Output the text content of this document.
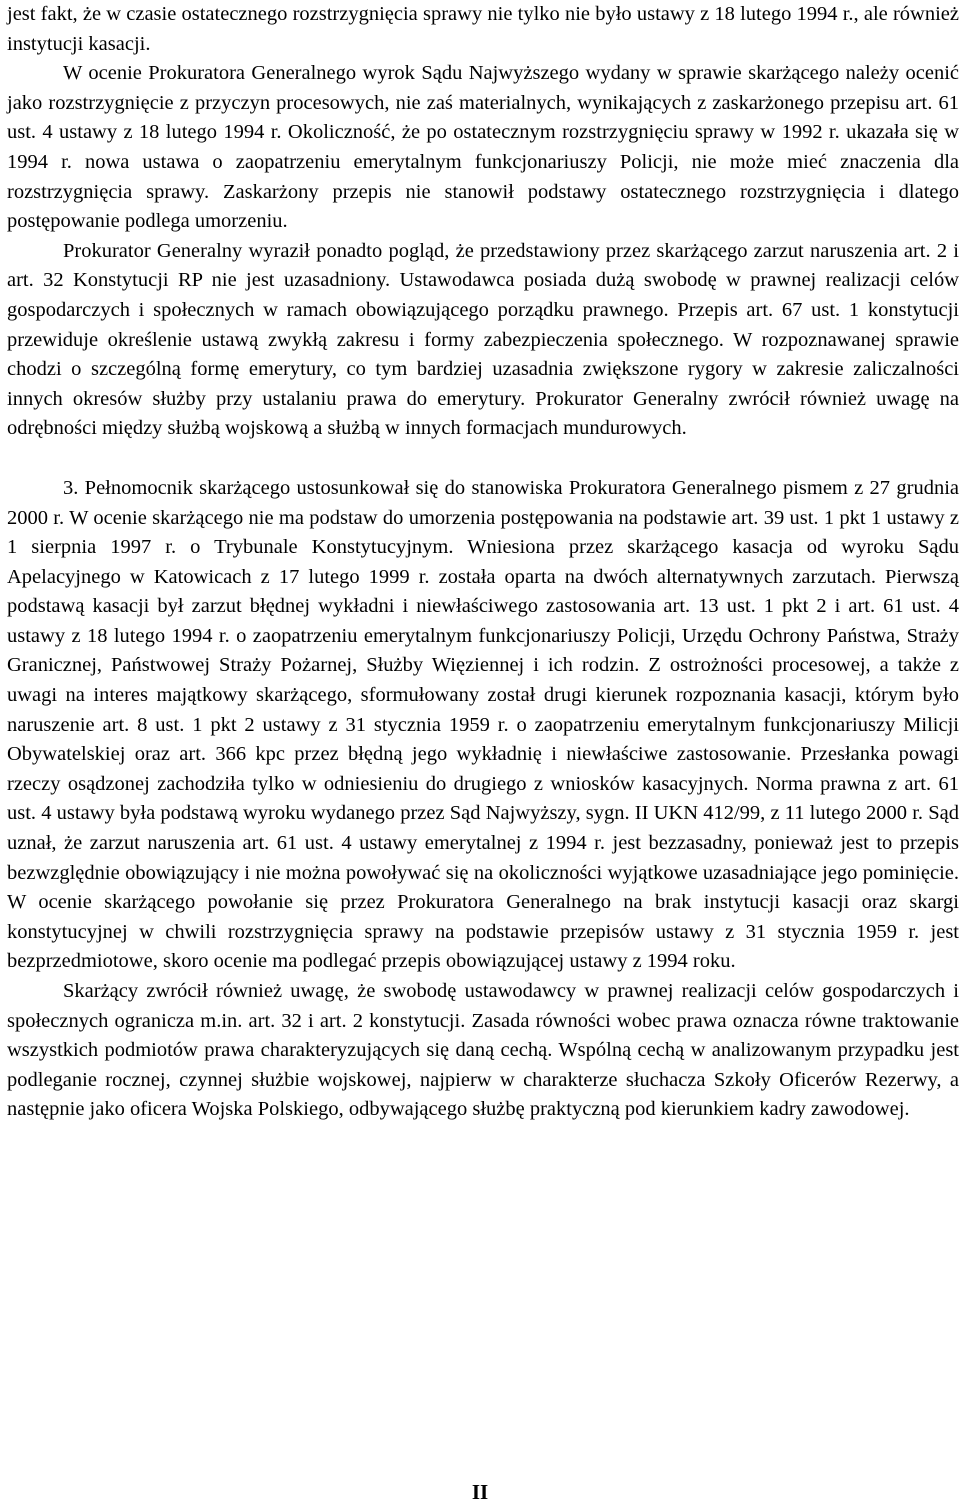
jest fakt, że w czasie ostatecznego rozstrzygnięcia sprawy nie tylko nie było ustawy z 18 lutego 1994 r., ale również instytucji kasacji.

W ocenie Prokuratora Generalnego wyrok Sądu Najwyższego wydany w sprawie skarżącego należy ocenić jako rozstrzygnięcie z przyczyn procesowych, nie zaś materialnych, wynikających z zaskarżonego przepisu art. 61 ust. 4 ustawy z 18 lutego 1994 r. Okoliczność, że po ostatecznym rozstrzygnięciu sprawy w 1992 r. ukazała się w 1994 r. nowa ustawa o zaopatrzeniu emerytalnym funkcjonariuszy Policji, nie może mieć znaczenia dla rozstrzygnięcia sprawy. Zaskarżony przepis nie stanowił podstawy ostatecznego rozstrzygnięcia i dlatego postępowanie podlega umorzeniu.

Prokurator Generalny wyraził ponadto pogląd, że przedstawiony przez skarżącego zarzut naruszenia art. 2 i art. 32 Konstytucji RP nie jest uzasadniony. Ustawodawca posiada dużą swobodę w prawnej realizacji celów gospodarczych i społecznych w ramach obowiązującego porządku prawnego. Przepis art. 67 ust. 1 konstytucji przewiduje określenie ustawą zwykłą zakresu i formy zabezpieczenia społecznego. W rozpoznawanej sprawie chodzi o szczególną formę emerytury, co tym bardziej uzasadnia zwiększone rygory w zakresie zaliczalności innych okresów służby przy ustalaniu prawa do emerytury. Prokurator Generalny zwrócił również uwagę na odrębności między służbą wojskową a służbą w innych formacjach mundurowych.

3. Pełnomocnik skarżącego ustosunkował się do stanowiska Prokuratora Generalnego pismem z 27 grudnia 2000 r. W ocenie skarżącego nie ma podstaw do umorzenia postępowania na podstawie art. 39 ust. 1 pkt 1 ustawy z 1 sierpnia 1997 r. o Trybunale Konstytucyjnym. Wniesiona przez skarżącego kasacja od wyroku Sądu Apelacyjnego w Katowicach z 17 lutego 1999 r. została oparta na dwóch alternatywnych zarzutach. Pierwszą podstawą kasacji był zarzut błędnej wykładni i niewłaściwego zastosowania art. 13 ust. 1 pkt 2 i art. 61 ust. 4 ustawy z 18 lutego 1994 r. o zaopatrzeniu emerytalnym funkcjonariuszy Policji, Urzędu Ochrony Państwa, Straży Granicznej, Państwowej Straży Pożarnej, Służby Więziennej i ich rodzin. Z ostrożności procesowej, a także z uwagi na interes majątkowy skarżącego, sformułowany został drugi kierunek rozpoznania kasacji, którym było naruszenie art. 8 ust. 1 pkt 2 ustawy z 31 stycznia 1959 r. o zaopatrzeniu emerytalnym funkcjonariuszy Milicji Obywatelskiej oraz art. 366 kpc przez błędną jego wykładnię i niewłaściwe zastosowanie. Przesłanka powagi rzeczy osądzonej zachodziła tylko w odniesieniu do drugiego z wniosków kasacyjnych. Norma prawna z art. 61 ust. 4 ustawy była podstawą wyroku wydanego przez Sąd Najwyższy, sygn. II UKN 412/99, z 11 lutego 2000 r. Sąd uznał, że zarzut naruszenia art. 61 ust. 4 ustawy emerytalnej z 1994 r. jest bezzasadny, ponieważ jest to przepis bezwzględnie obowiązujący i nie można powoływać się na okoliczności wyjątkowe uzasadniające jego pominięcie. W ocenie skarżącego powołanie się przez Prokuratora Generalnego na brak instytucji kasacji oraz skargi konstytucyjnej w chwili rozstrzygnięcia sprawy na podstawie przepisów ustawy z 31 stycznia 1959 r. jest bezprzedmiotowe, skoro ocenie ma podlegać przepis obowiązującej ustawy z 1994 roku.

Skarżący zwrócił również uwagę, że swobodę ustawodawcy w prawnej realizacji celów gospodarczych i społecznych ogranicza m.in. art. 32 i art. 2 konstytucji. Zasada równości wobec prawa oznacza równe traktowanie wszystkich podmiotów prawa charakteryzujących się daną cechą. Wspólną cechą w analizowanym przypadku jest podleganie rocznej, czynnej służbie wojskowej, najpierw w charakterze słuchacza Szkoły Oficerów Rezerwy, a następnie jako oficera Wojska Polskiego, odbywającego służbę praktyczną pod kierunkiem kadry zawodowej.

II
